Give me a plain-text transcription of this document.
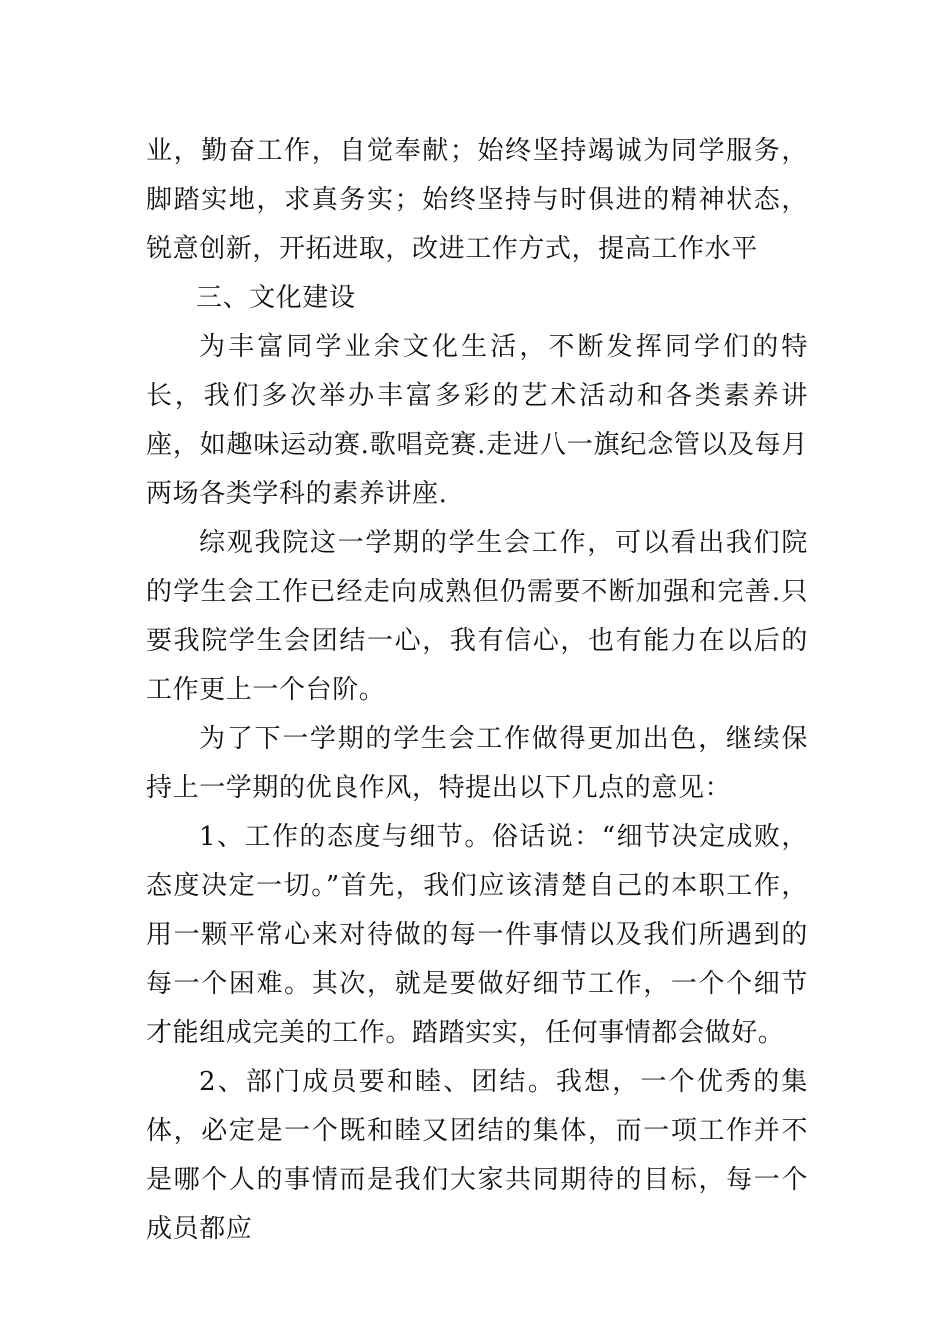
业，勤奋工作，自觉奉献；始终坚持竭诚为同学服务，脚踏实地，求真务实；始终坚持与时俱进的精神状态，锐意创新，开拓进取，改进工作方式，提高工作水平

三、文化建设

为丰富同学业余文化生活，不断发挥同学们的特长，我们多次举办丰富多彩的艺术活动和各类素养讲座，如趣味运动赛.歌唱竞赛.走进八一旗纪念管以及每月两场各类学科的素养讲座.

综观我院这一学期的学生会工作，可以看出我们院的学生会工作已经走向成熟但仍需要不断加强和完善.只要我院学生会团结一心，我有信心，也有能力在以后的工作更上一个台阶。

为了下一学期的学生会工作做得更加出色，继续保持上一学期的优良作风，特提出以下几点的意见：

1、工作的态度与细节。俗话说：“细节决定成败，态度决定一切。”首先，我们应该清楚自己的本职工作，用一颗平常心来对待做的每一件事情以及我们所遇到的每一个困难。其次，就是要做好细节工作，一个个细节才能组成完美的工作。踏踏实实，任何事情都会做好。

2、部门成员要和睦、团结。我想，一个优秀的集体，必定是一个既和睦又团结的集体，而一项工作并不是哪个人的事情而是我们大家共同期待的目标，每一个成员都应
